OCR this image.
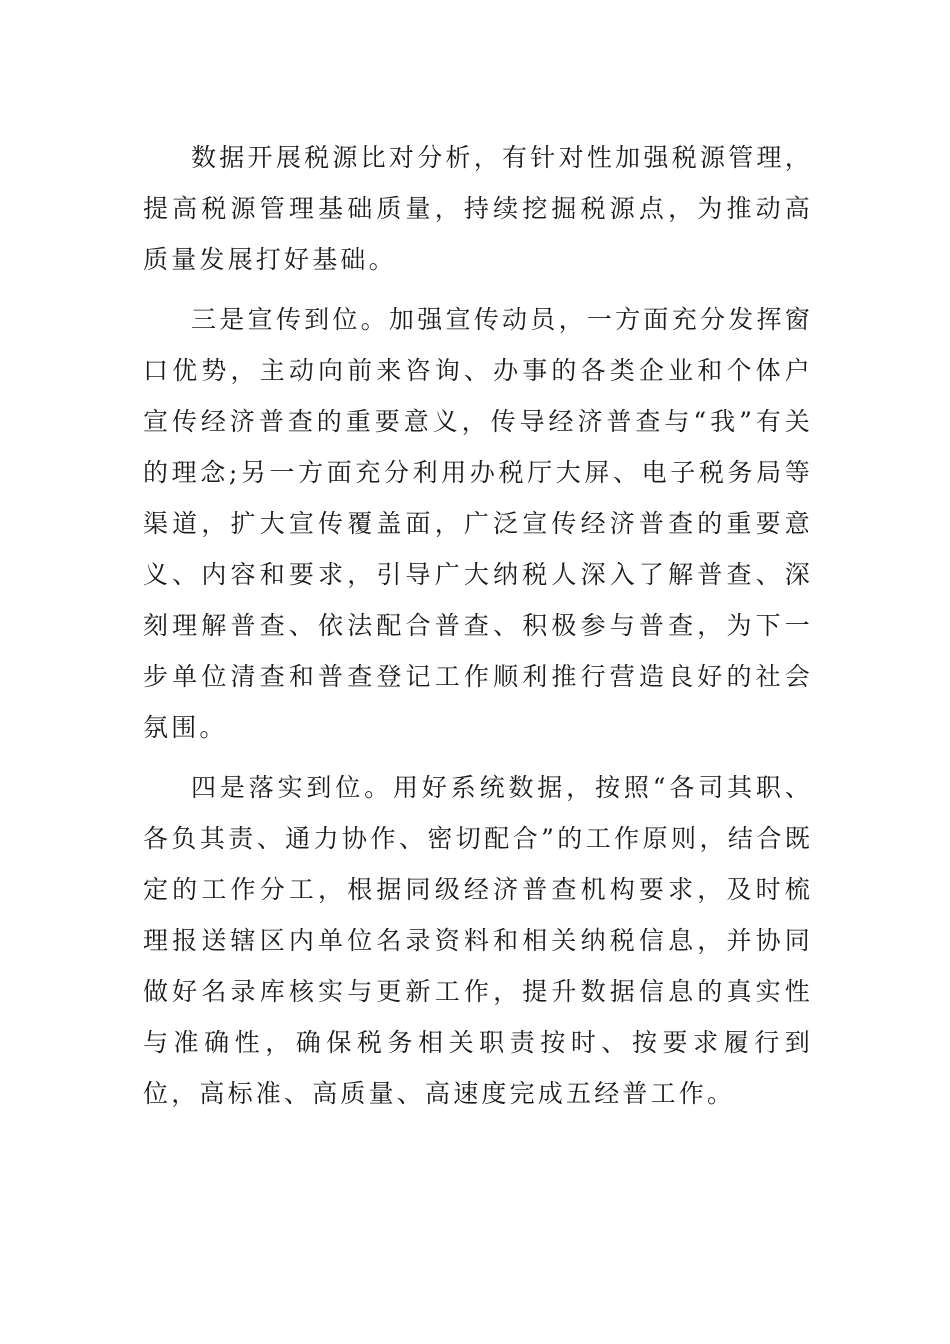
数据开展税源比对分析，有针对性加强税源管理，提高税源管理基础质量，持续挖掘税源点，为推动高质量发展打好基础。

三是宣传到位。加强宣传动员，一方面充分发挥窗口优势，主动向前来咨询、办事的各类企业和个体户宣传经济普查的重要意义，传导经济普查与“我”有关的理念;另一方面充分利用办税厅大屏、电子税务局等渠道，扩大宣传覆盖面，广泛宣传经济普查的重要意义、内容和要求，引导广大纳税人深入了解普查、深刻理解普查、依法配合普查、积极参与普查，为下一步单位清查和普查登记工作顺利推行营造良好的社会氛围。

四是落实到位。用好系统数据，按照“各司其职、各负其责、通力协作、密切配合”的工作原则，结合既定的工作分工，根据同级经济普查机构要求，及时梳理报送辖区内单位名录资料和相关纳税信息，并协同做好名录库核实与更新工作，提升数据信息的真实性与准确性，确保税务相关职责按时、按要求履行到位，高标准、高质量、高速度完成五经普工作。
